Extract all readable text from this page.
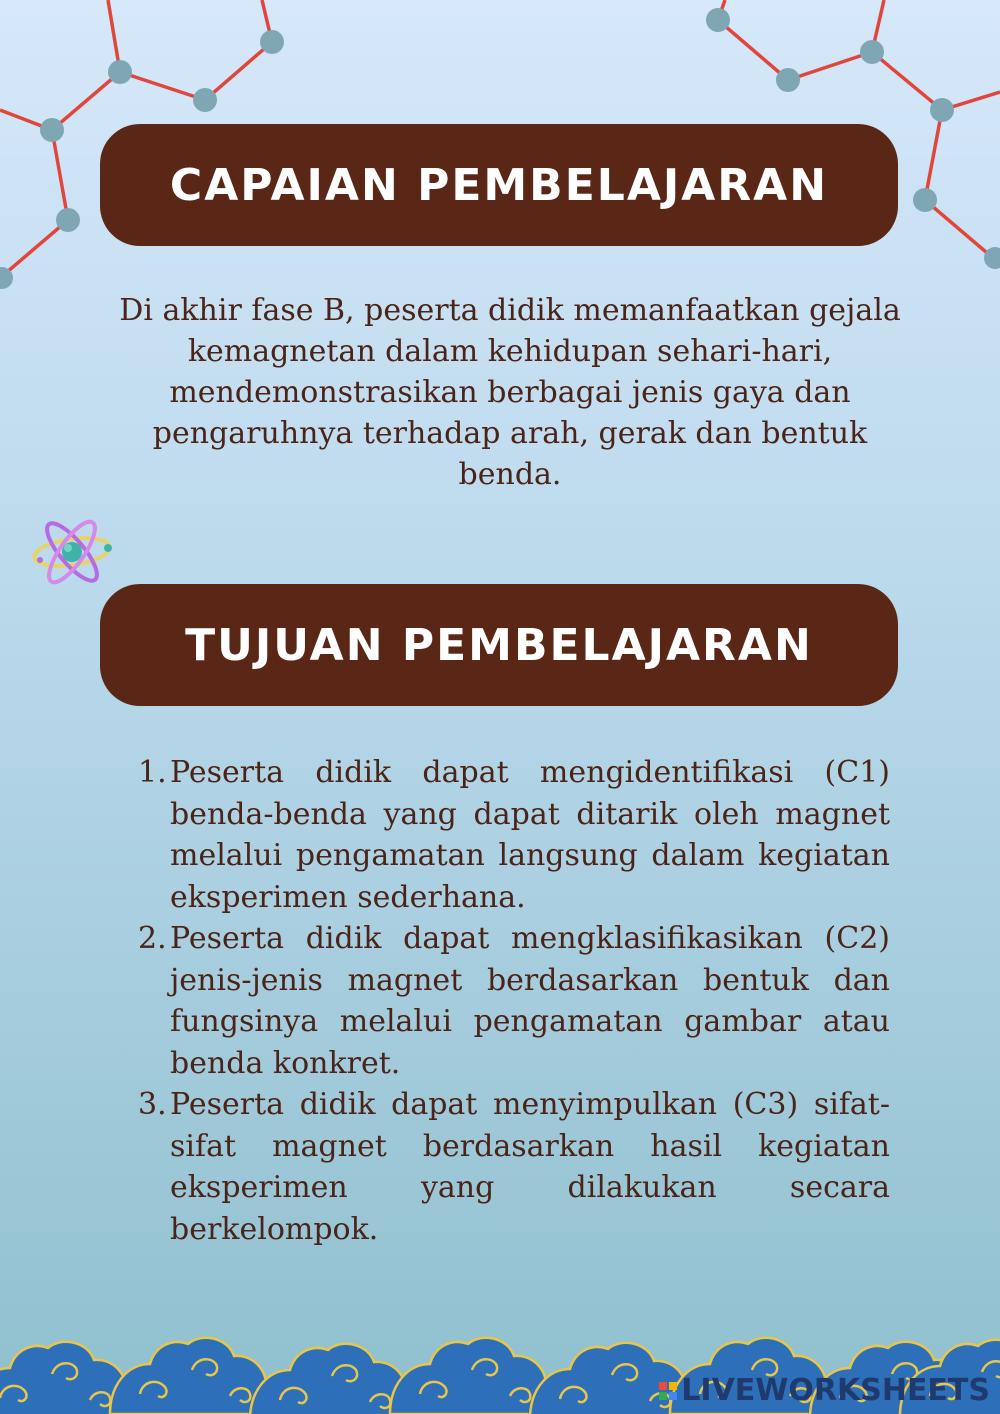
CAPAIAN PEMBELAJARAN
Di akhir fase B, peserta didik memanfaatkan gejala kemagnetan dalam kehidupan sehari-hari, mendemonstrasikan berbagai jenis gaya dan pengaruhnya terhadap arah, gerak dan bentuk benda.
TUJUAN PEMBELAJARAN
1. Peserta didik dapat mengidentifikasi (C1) benda-benda yang dapat ditarik oleh magnet melalui pengamatan langsung dalam kegiatan eksperimen sederhana.
2. Peserta didik dapat mengklasifikasikan (C2) jenis-jenis magnet berdasarkan bentuk dan fungsinya melalui pengamatan gambar atau benda konkret.
3. Peserta didik dapat menyimpulkan (C3) sifat-sifat magnet berdasarkan hasil kegiatan eksperimen yang dilakukan secara berkelompok.
LIVEWORKSHEETS
